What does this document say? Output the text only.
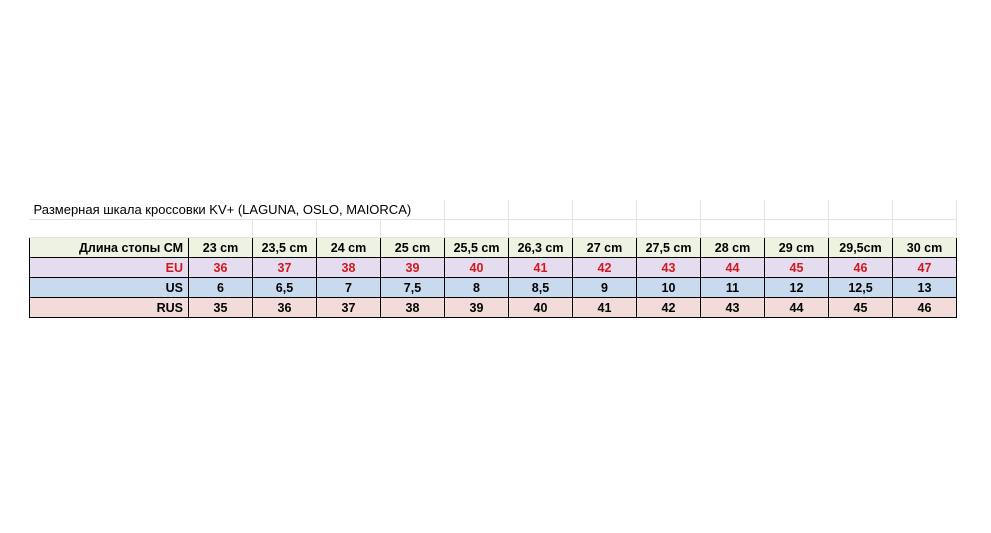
Размерная шкала кроссовки KV+ (LAGUNA, OSLO, MAIORCA)												

Длина стопы СМ	23 cm	23,5 cm	24 cm	25 cm	25,5 cm	26,3 cm	27 cm	27,5 cm	28 cm	29 cm	29,5cm	30 cm
EU	36	37	38	39	40	41	42	43	44	45	46	47
US	6	6,5	7	7,5	8	8,5	9	10	11	12	12,5	13
RUS	35	36	37	38	39	40	41	42	43	44	45	46
